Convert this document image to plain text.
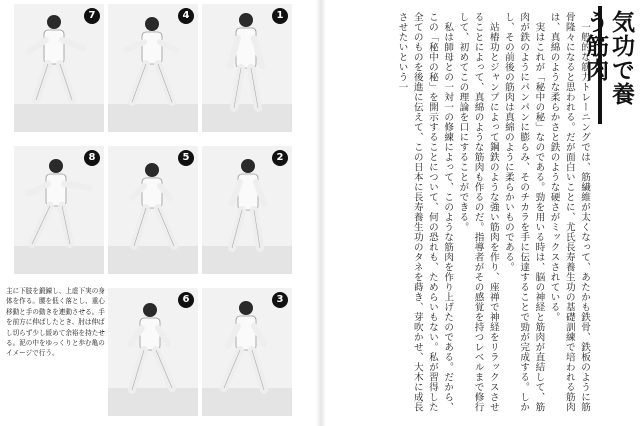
7	4	1
8	5	2
6	3
主に下肢を鍛錬し、上虚下実の身体を作る。腰を低く落とし、重心移動と手の動きを連動させる。手を前方に伸ばしたとき、肘は伸ばし切らず少し緩めて余裕を持たせる。泥の中をゆっくりと歩む亀のイメージで行う。
気功で養う筋肉

一般的な筋力トレーニングでは、筋繊維が太くなって、あたかも鉄骨、鉄板のように筋骨隆々になると思われる。だが面白いことに、尤氏長寿養生功の基礎訓練で培われる筋肉は、真綿のような柔らかさと鉄のような硬さがミックスされている。

実はこれが「秘中の秘」なのである。勁を用いる時は、脳の神経と筋肉が直結して、筋肉が鉄のようにパンパンに膨らみ、そのチカラを手に伝達することで勁が完成する。しかし、その前後の筋肉は真綿のように柔らかいものである。

站樁功とジャンプによって鋼鉄のような強い筋肉を作り、座禅で神経をリラックスさせることによって、真綿のような筋肉も作るのだ。指導者がその感覚を持つレベルまで修行して、初めてこの理論を口にすることができる。

私は師母との一対一の修練によって、このような筋肉を作り上げたのである。だから、この「秘中の秘」を開示することについて、何の恐れも、ためらいもない。私が習得した全てのものを後進に伝えて、この日本に長寿養生功のタネを蒔き、芽吹かせ、大木に成長させたいという一
